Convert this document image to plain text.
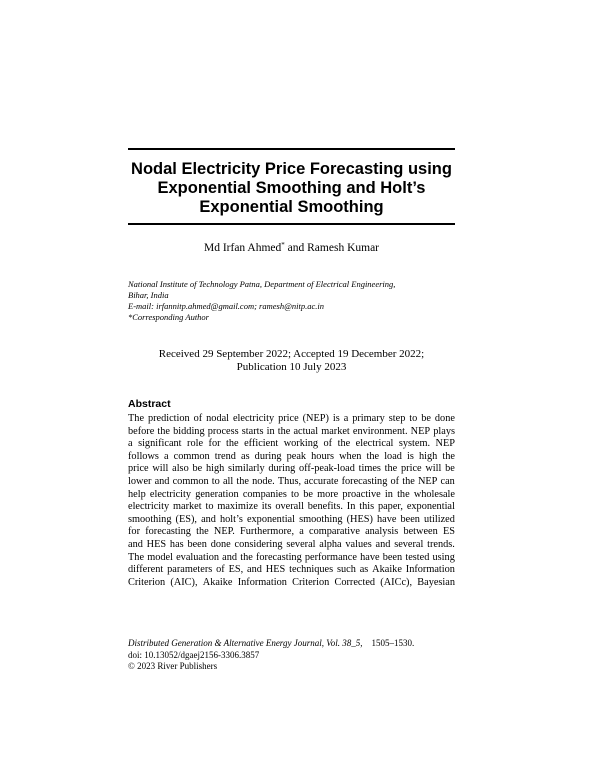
Nodal Electricity Price Forecasting using
Exponential Smoothing and Holt’s
Exponential Smoothing
Md Irfan Ahmed* and Ramesh Kumar
National Institute of Technology Patna, Department of Electrical Engineering,
Bihar, India
E-mail: irfannitp.ahmed@gmail.com; ramesh@nitp.ac.in
*Corresponding Author
Received 29 September 2022; Accepted 19 December 2022;
Publication 10 July 2023
Abstract
The prediction of nodal electricity price (NEP) is a primary step to be done
before the bidding process starts in the actual market environment. NEP plays
a significant role for the efficient working of the electrical system. NEP
follows a common trend as during peak hours when the load is high the
price will also be high similarly during off-peak-load times the price will be
lower and common to all the node. Thus, accurate forecasting of the NEP can
help electricity generation companies to be more proactive in the wholesale
electricity market to maximize its overall benefits. In this paper, exponential
smoothing (ES), and holt’s exponential smoothing (HES) have been utilized
for forecasting the NEP. Furthermore, a comparative analysis between ES
and HES has been done considering several alpha values and several trends.
The model evaluation and the forecasting performance have been tested using
different parameters of ES, and HES techniques such as Akaike Information
Criterion (AIC), Akaike Information Criterion Corrected (AICc), Bayesian
Distributed Generation & Alternative Energy Journal, Vol. 38_5, 1505–1530.
doi: 10.13052/dgaej2156-3306.3857
© 2023 River Publishers
